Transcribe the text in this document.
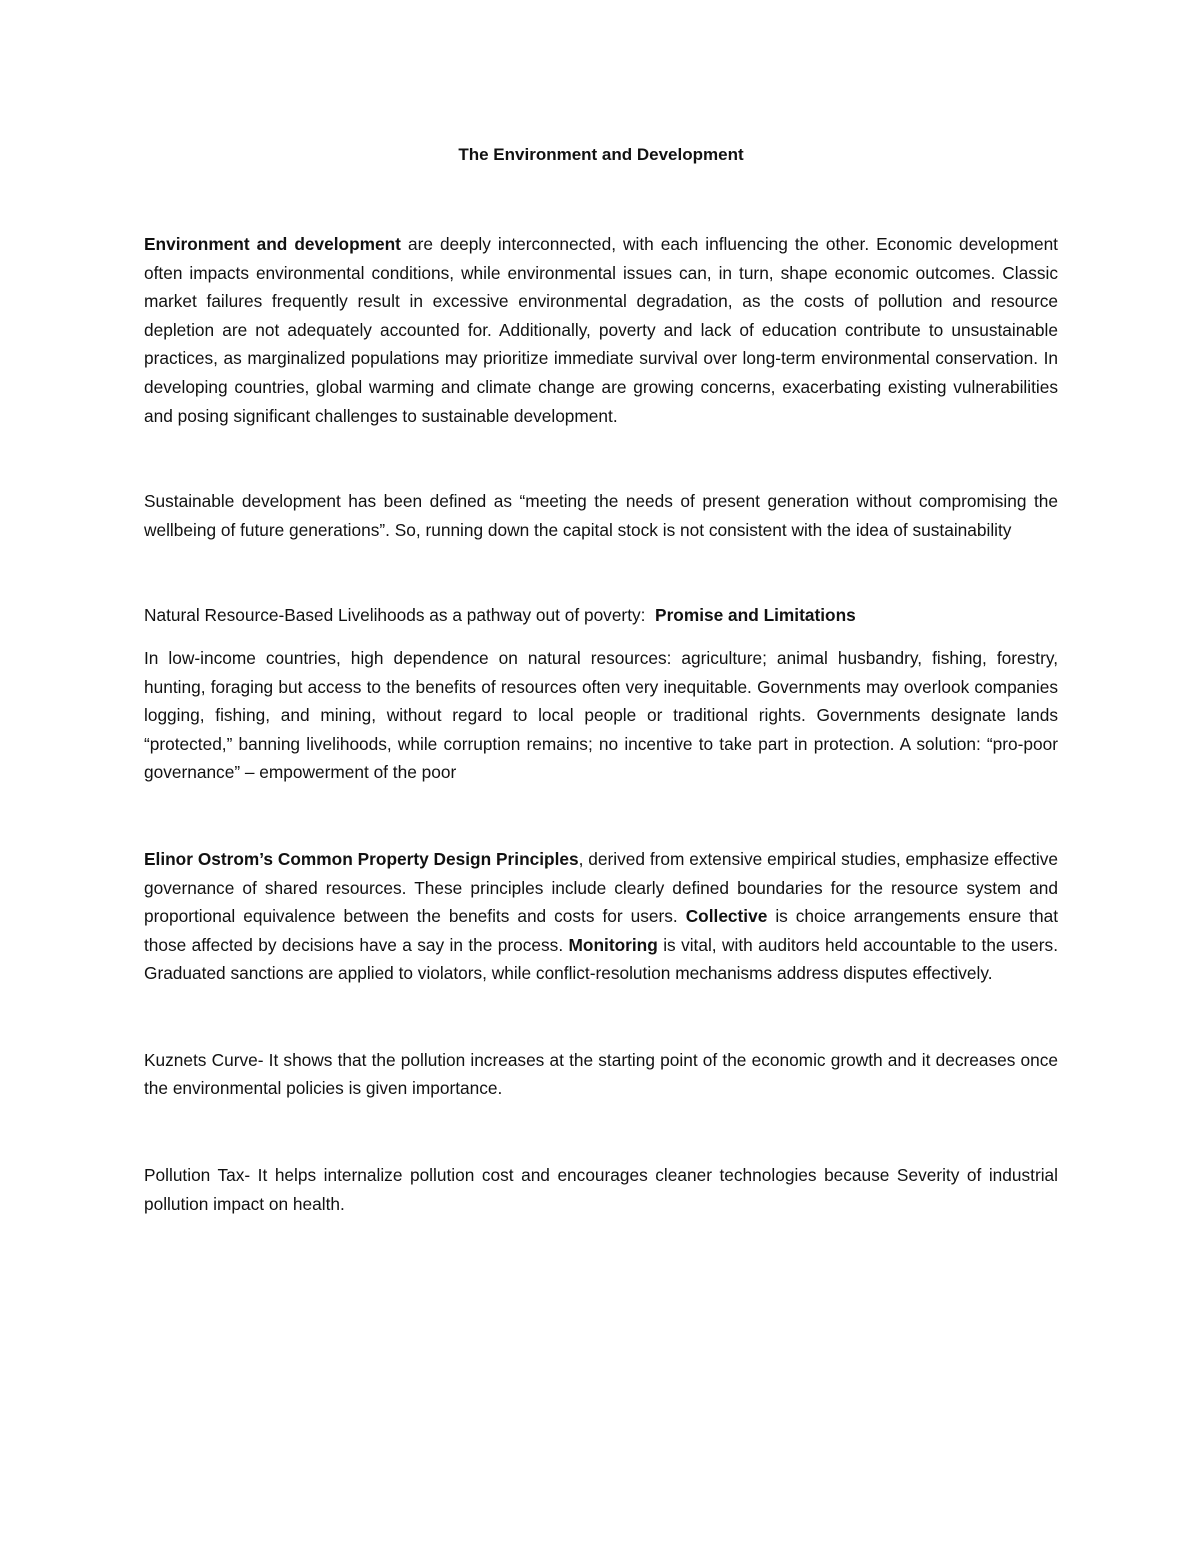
The Environment and Development

Environment and development are deeply interconnected, with each influencing the other. Economic development often impacts environmental conditions, while environmental issues can, in turn, shape economic outcomes. Classic market failures frequently result in excessive environmental degradation, as the costs of pollution and resource depletion are not adequately accounted for. Additionally, poverty and lack of education contribute to unsustainable practices, as marginalized populations may prioritize immediate survival over long-term environmental conservation. In developing countries, global warming and climate change are growing concerns, exacerbating existing vulnerabilities and posing significant challenges to sustainable development.

Sustainable development has been defined as “meeting the needs of present generation without compromising the wellbeing of future generations”. So, running down the capital stock is not consistent with the idea of sustainability

Natural Resource-Based Livelihoods as a pathway out of poverty:  Promise and Limitations

In low-income countries, high dependence on natural resources: agriculture; animal husbandry, fishing, forestry, hunting, foraging but access to the benefits of resources often very inequitable. Governments may overlook companies logging, fishing, and mining, without regard to local people or traditional rights. Governments designate lands “protected,” banning livelihoods, while corruption remains; no incentive to take part in protection. A solution: “pro-poor governance” – empowerment of the poor

Elinor Ostrom’s Common Property Design Principles, derived from extensive empirical studies, emphasize effective governance of shared resources. These principles include clearly defined boundaries for the resource system and proportional equivalence between the benefits and costs for users. Collective is choice arrangements ensure that those affected by decisions have a say in the process. Monitoring is vital, with auditors held accountable to the users. Graduated sanctions are applied to violators, while conflict-resolution mechanisms address disputes effectively.

Kuznets Curve- It shows that the pollution increases at the starting point of the economic growth and it decreases once the environmental policies is given importance.

Pollution Tax- It helps internalize pollution cost and encourages cleaner technologies because Severity of industrial pollution impact on health.
